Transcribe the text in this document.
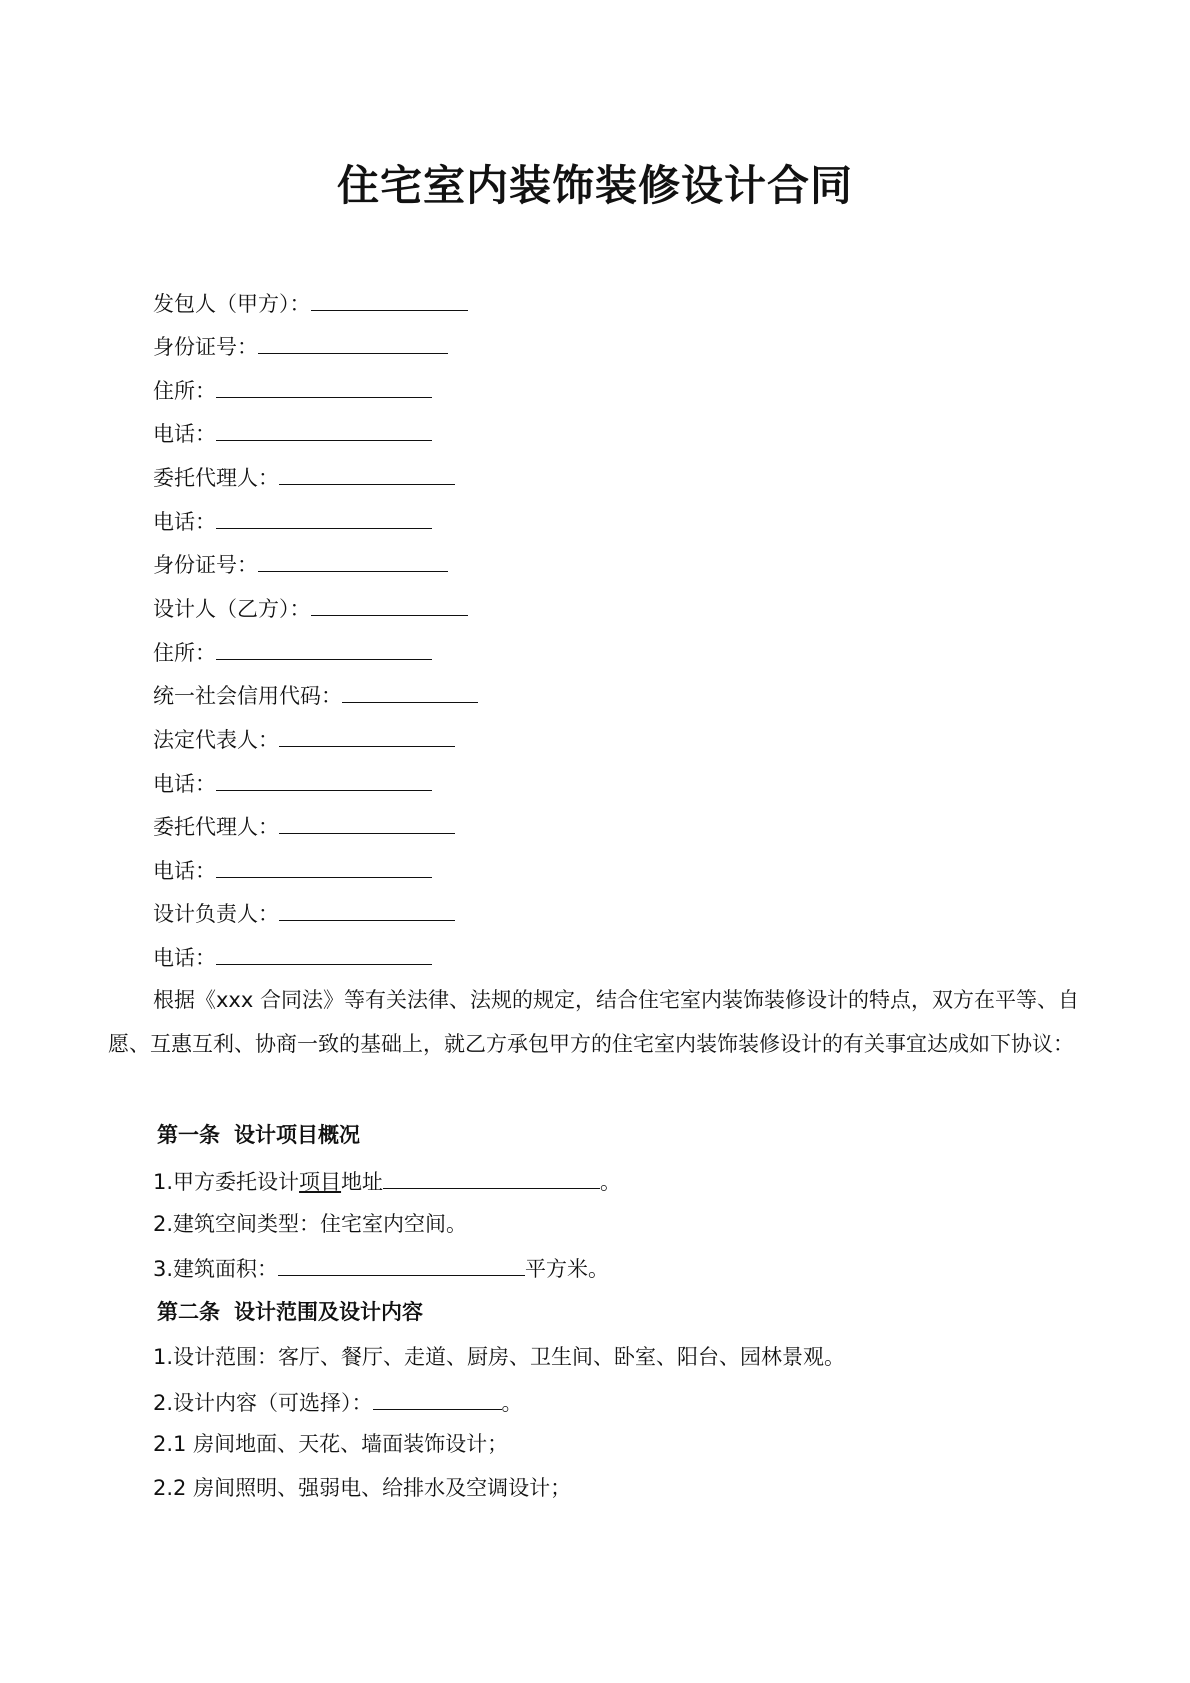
住宅室内装饰装修设计合同
发包人（甲方）：
身份证号：
住所：
电话：
委托代理人：
电话：
身份证号：
设计人（乙方）：
住所：
统一社会信用代码：
法定代表人：
电话：
委托代理人：
电话：
设计负责人：
电话：
根据《xxx 合同法》等有关法律、法规的规定，结合住宅室内装饰装修设计的特点，双方在平等、自愿、互惠互利、协商一致的基础上，就乙方承包甲方的住宅室内装饰装修设计的有关事宜达成如下协议：
第一条 设计项目概况
1.甲方委托设计项目地址	。
2.建筑空间类型：住宅室内空间。
3.建筑面积：	平方米。
第二条 设计范围及设计内容
1.设计范围：客厅、餐厅、走道、厨房、卫生间、卧室、阳台、园林景观。
2.设计内容（可选择）：	。
2.1 房间地面、天花、墙面装饰设计；
2.2 房间照明、强弱电、给排水及空调设计；
